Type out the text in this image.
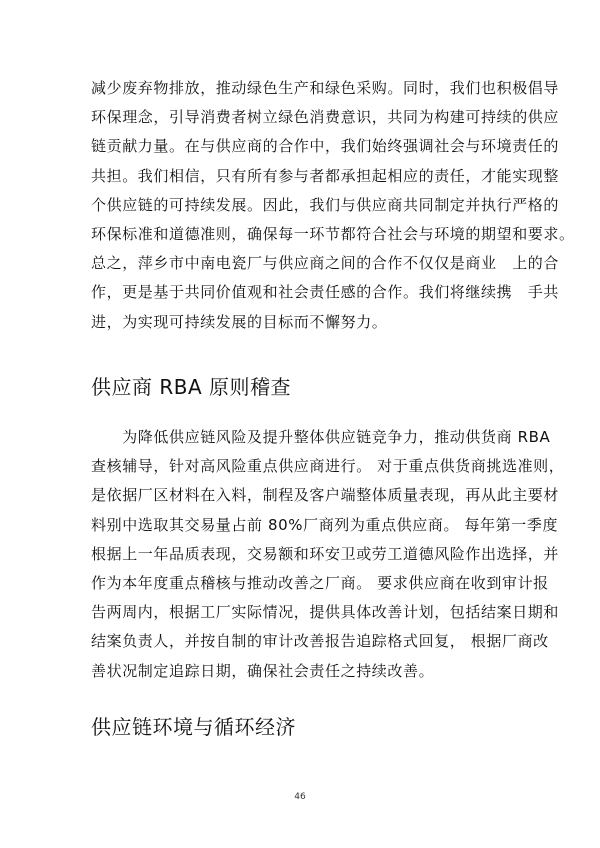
减少废弃物排放，推动绿色生产和绿色采购。同时，我们也积极倡导
环保理念，引导消费者树立绿色消费意识，共同为构建可持续的供应
链贡献力量。在与供应商的合作中，我们始终强调社会与环境责任的
共担。我们相信，只有所有参与者都承担起相应的责任，才能实现整
个供应链的可持续发展。因此，我们与供应商共同制定并执行严格的
环保标准和道德准则，确保每一环节都符合社会与环境的期望和要求。
总之，萍乡市中南电瓷厂与供应商之间的合作不仅仅是商业　上的合
作，更是基于共同价值观和社会责任感的合作。我们将继续携　手共
进，为实现可持续发展的目标而不懈努力。
供应商 RBA 原则稽查
　　为降低供应链风险及提升整体供应链竞争力，推动供货商 RBA
查核辅导，针对高风险重点供应商进行。 对于重点供货商挑选准则，
是依据厂区材料在入料，制程及客户端整体质量表现，再从此主要材
料别中选取其交易量占前 80%厂商列为重点供应商。 每年第一季度
根据上一年品质表现，交易额和环安卫或劳工道德风险作出选择，并
作为本年度重点稽核与推动改善之厂商。 要求供应商在收到审计报
告两周内，根据工厂实际情况，提供具体改善计划，包括结案日期和
结案负责人，并按自制的审计改善报告追踪格式回复， 根据厂商改
善状况制定追踪日期，确保社会责任之持续改善。
供应链环境与循环经济
46
